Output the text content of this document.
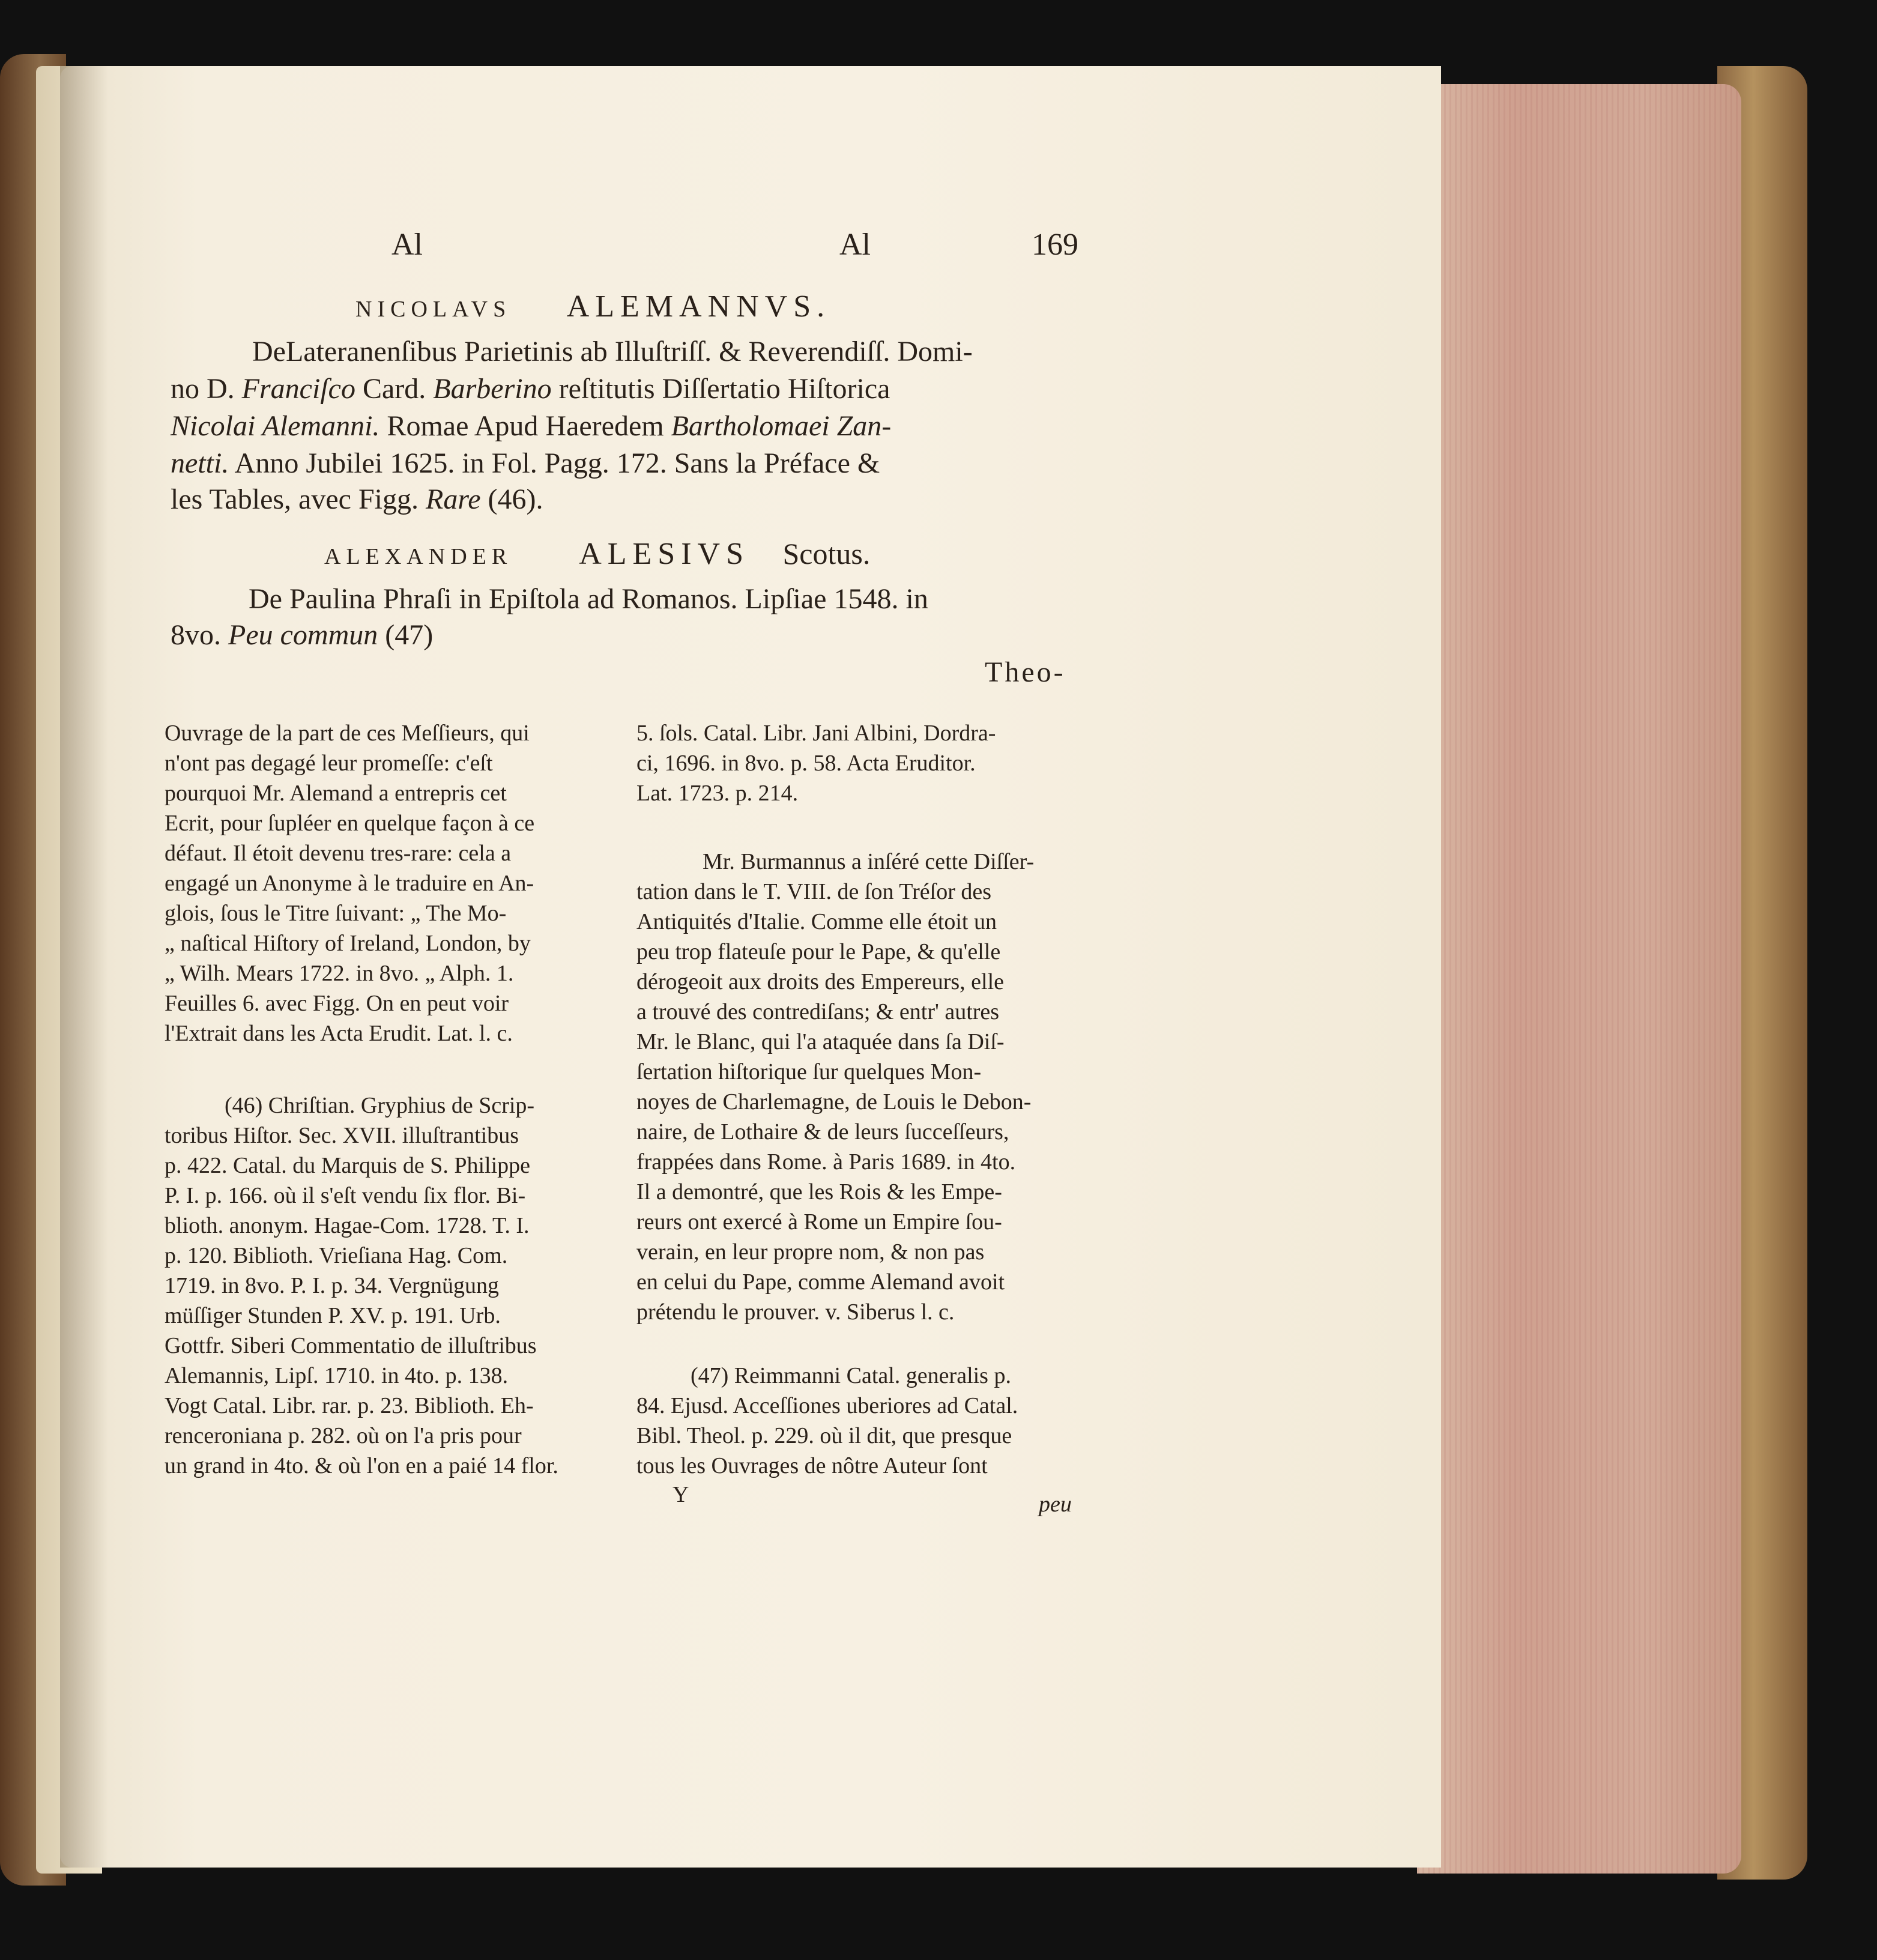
Al	Al	169
NICOLAVS ALEMANNVS.
DeLateranenſibus Parietinis ab Illuſtriſſ. & Reverendiſſ. Domi-
no D. Franciſco Card. Barberino reſtitutis Diſſertatio Hiſtorica
Nicolai Alemanni. Romae Apud Haeredem Bartholomaei Zan-
netti. Anno Jubilei 1625. in Fol. Pagg. 172. Sans la Préface &
les Tables, avec Figg. Rare (46).
ALEXANDER ALESIVS Scotus.
De Paulina Phraſi in Epiſtola ad Romanos. Lipſiae 1548. in
8vo. Peu commun (47)
Theo-
Ouvrage de la part de ces Meſſieurs, qui
n'ont pas degagé leur promeſſe: c'eſt
pourquoi Mr. Alemand a entrepris cet
Ecrit, pour ſupléer en quelque façon à ce
défaut. Il étoit devenu tres-rare: cela a
engagé un Anonyme à le traduire en An-
glois, ſous le Titre ſuivant: „ The Mo-
„ naſtical Hiſtory of Ireland, London, by
„ Wilh. Mears 1722. in 8vo. „ Alph. 1.
Feuilles 6. avec Figg. On en peut voir
l'Extrait dans les Acta Erudit. Lat. l. c.
(46) Chriſtian. Gryphius de Scrip-
toribus Hiſtor. Sec. XVII. illuſtrantibus
p. 422. Catal. du Marquis de S. Philippe
P. I. p. 166. où il s'eſt vendu ſix flor. Bi-
blioth. anonym. Hagae-Com. 1728. T. I.
p. 120. Biblioth. Vrieſiana Hag. Com.
1719. in 8vo. P. I. p. 34. Vergnügung
müſſiger Stunden P. XV. p. 191. Urb.
Gottfr. Siberi Commentatio de illuſtribus
Alemannis, Lipſ. 1710. in 4to. p. 138.
Vogt Catal. Libr. rar. p. 23. Biblioth. Eh-
renceroniana p. 282. où on l'a pris pour
un grand in 4to. & où l'on en a paié 14 flor.
5. ſols. Catal. Libr. Jani Albini, Dordra-
ci, 1696. in 8vo. p. 58. Acta Eruditor.
Lat. 1723. p. 214.
Mr. Burmannus a inſéré cette Diſſer-
tation dans le T. VIII. de ſon Tréſor des
Antiquités d'Italie. Comme elle étoit un
peu trop flateuſe pour le Pape, & qu'elle
dérogeoit aux droits des Empereurs, elle
a trouvé des contrediſans; & entr' autres
Mr. le Blanc, qui l'a ataquée dans ſa Diſ-
ſertation hiſtorique ſur quelques Mon-
noyes de Charlemagne, de Louis le Debon-
naire, de Lothaire & de leurs ſucceſſeurs,
frappées dans Rome. à Paris 1689. in 4to.
Il a demontré, que les Rois & les Empe-
reurs ont exercé à Rome un Empire ſou-
verain, en leur propre nom, & non pas
en celui du Pape, comme Alemand avoit
prétendu le prouver. v. Siberus l. c.
(47) Reimmanni Catal. generalis p.
84. Ejusd. Acceſſiones uberiores ad Catal.
Bibl. Theol. p. 229. où il dit, que presque
tous les Ouvrages de nôtre Auteur ſont
Y	peu
